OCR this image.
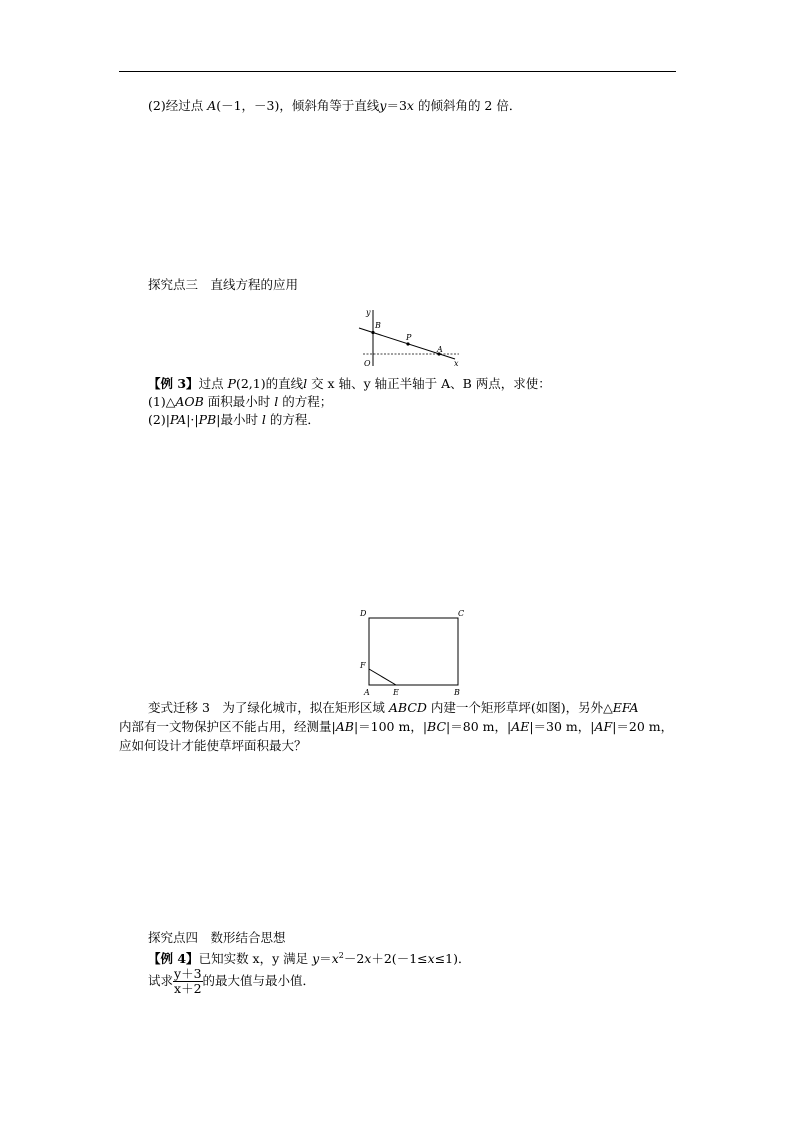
(2)经过点 A(－1，－3)，倾斜角等于直线y＝3x 的倾斜角的 2 倍．
探究点三　直线方程的应用
y
B
P
A
O	x
【例 3】过点 P(2,1)的直线l 交 x 轴、y 轴正半轴于 A、B 两点，求使：
(1)△AOB 面积最小时 l 的方程；
(2)|PA|·|PB|最小时 l 的方程．
D	C
F
A	E	B
变式迁移 3　为了绿化城市，拟在矩形区域 ABCD 内建一个矩形草坪(如图)，另外△EFA
内部有一文物保护区不能占用，经测量|AB|＝100 m，|BC|＝80 m，|AE|＝30 m，|AF|＝20 m，
应如何设计才能使草坪面积最大？
探究点四　数形结合思想
【例 4】已知实数 x，y 满足 $y=x^2-2x+2(-1\le x\le 1)$．
试求 $\frac{y+3}{x+2}$ 的最大值与最小值．
